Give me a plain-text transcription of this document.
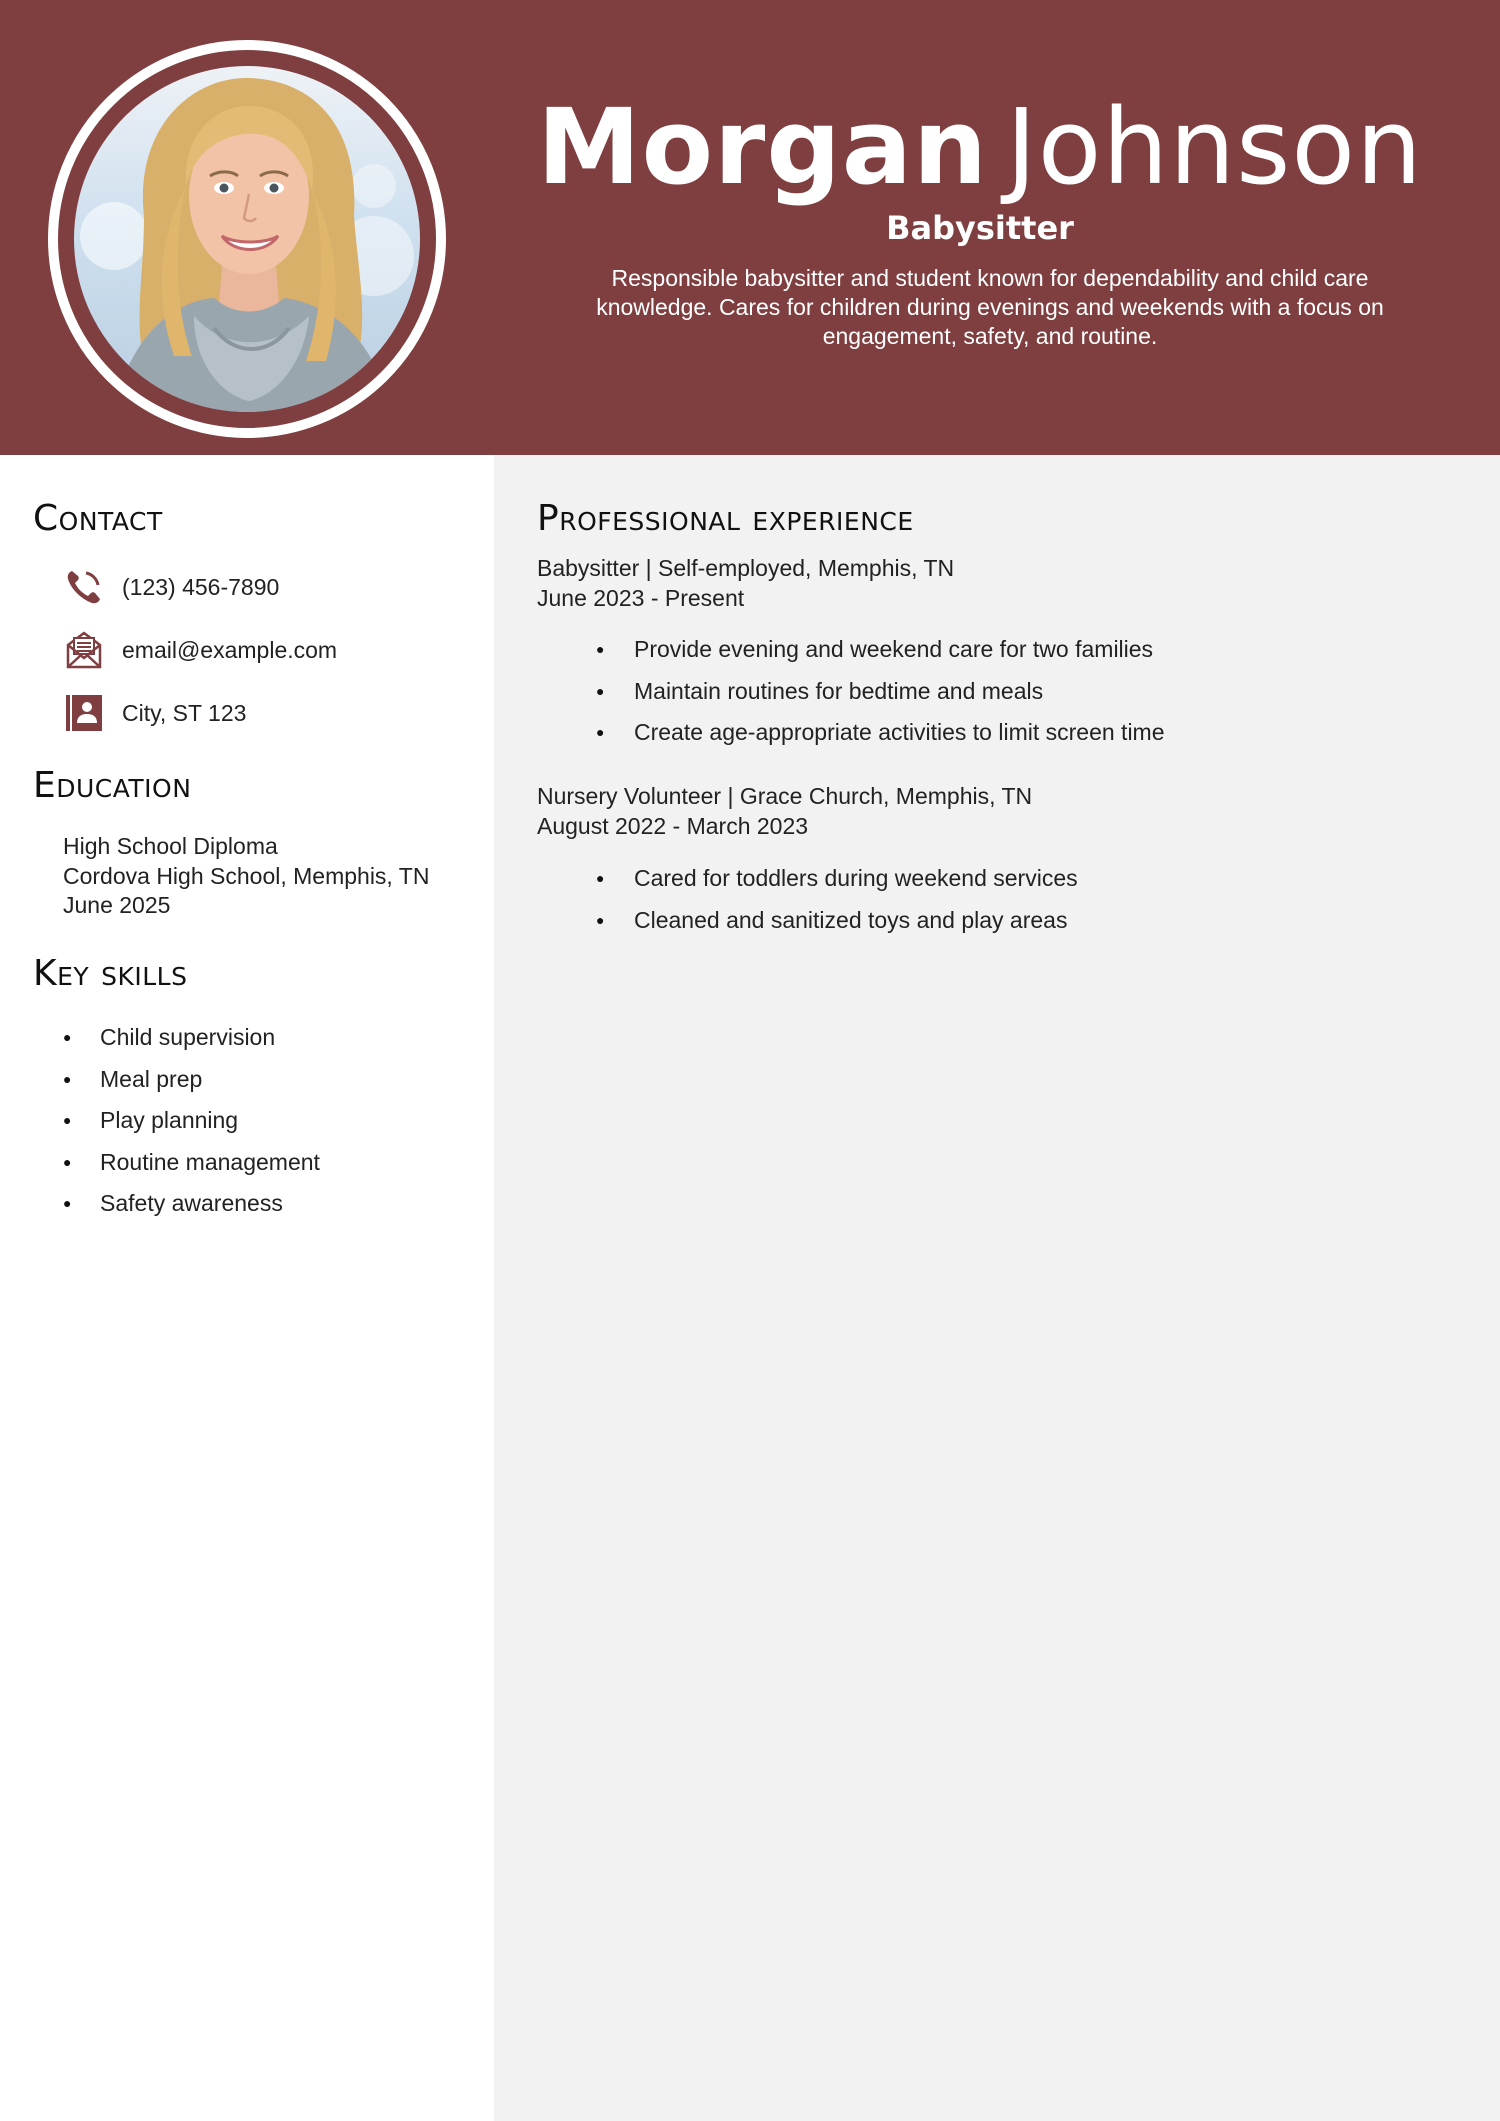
Morgan Johnson
Babysitter
Responsible babysitter and student known for dependability and child care knowledge. Cares for children during evenings and weekends with a focus on engagement, safety, and routine.
Contact
(123) 456-7890
email@example.com
City, ST 123
Education
High School Diploma
Cordova High School, Memphis, TN
June 2025
Key skills
● Child supervision
● Meal prep
● Play planning
● Routine management
● Safety awareness
Professional experience
Babysitter | Self-employed, Memphis, TN
June 2023 - Present
● Provide evening and weekend care for two families
● Maintain routines for bedtime and meals
● Create age-appropriate activities to limit screen time
Nursery Volunteer | Grace Church, Memphis, TN
August 2022 - March 2023
● Cared for toddlers during weekend services
● Cleaned and sanitized toys and play areas
